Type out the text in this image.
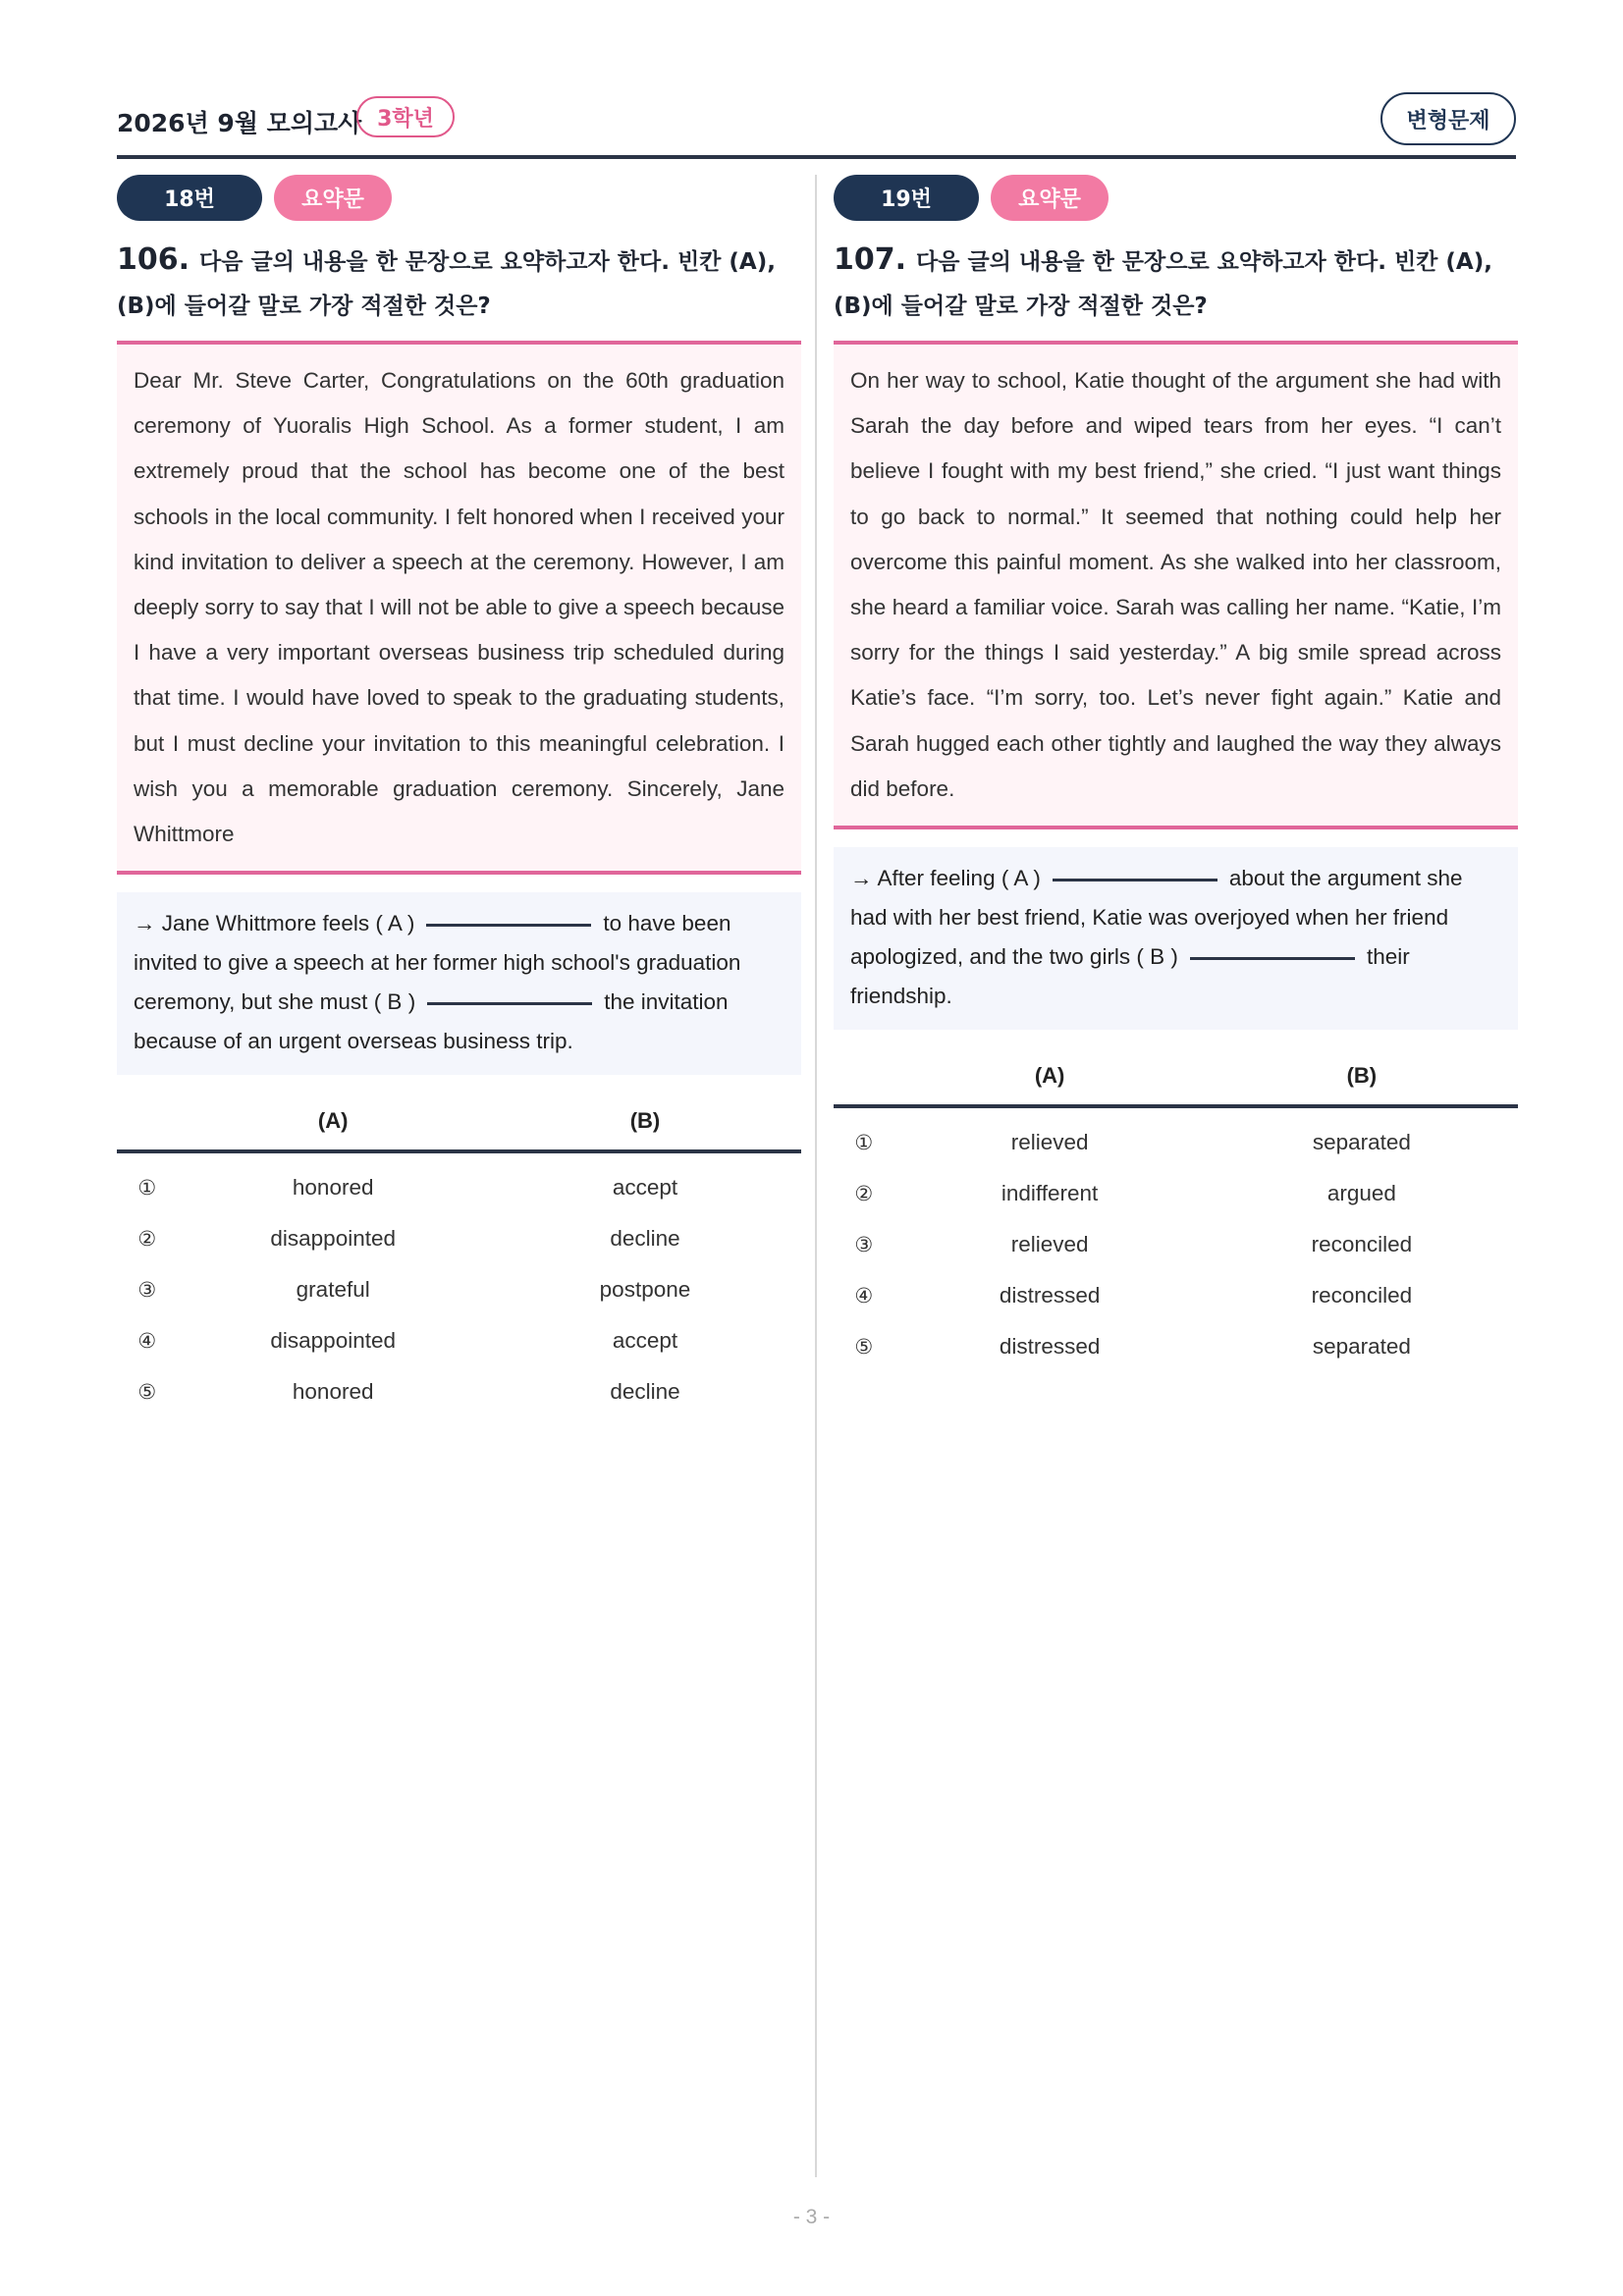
2026년 9월 모의고사 3학년	변형문제
18번	요약문
106. 다음 글의 내용을 한 문장으로 요약하고자 한다. 빈칸 (A), (B)에 들어갈 말로 가장 적절한 것은?
Dear Mr. Steve Carter, Congratulations on the 60th graduation ceremony of Yuoralis High School. As a former student, I am extremely proud that the school has become one of the best schools in the local community. I felt honored when I received your kind invitation to deliver a speech at the ceremony. However, I am deeply sorry to say that I will not be able to give a speech because I have a very important overseas business trip scheduled during that time. I would have loved to speak to the graduating students, but I must decline your invitation to this meaningful celebration. I wish you a memorable graduation ceremony. Sincerely, Jane Whittmore
→ Jane Whittmore feels ( A )	to have been invited to give a speech at her former high school's graduation ceremony, but she must ( B )	the invitation because of an urgent overseas business trip.
	(A)	(B)
①	honored	accept
②	disappointed	decline
③	grateful	postpone
④	disappointed	accept
⑤	honored	decline
19번	요약문
107. 다음 글의 내용을 한 문장으로 요약하고자 한다. 빈칸 (A), (B)에 들어갈 말로 가장 적절한 것은?
On her way to school, Katie thought of the argument she had with Sarah the day before and wiped tears from her eyes. “I can’t believe I fought with my best friend,” she cried. “I just want things to go back to normal.” It seemed that nothing could help her overcome this painful moment. As she walked into her classroom, she heard a familiar voice. Sarah was calling her name. “Katie, I’m sorry for the things I said yesterday.” A big smile spread across Katie’s face. “I’m sorry, too. Let’s never fight again.” Katie and Sarah hugged each other tightly and laughed the way they always did before.
→ After feeling ( A )	about the argument she had with her best friend, Katie was overjoyed when her friend apologized, and the two girls ( B )	their friendship.
	(A)	(B)
①	relieved	separated
②	indifferent	argued
③	relieved	reconciled
④	distressed	reconciled
⑤	distressed	separated
- 3 -
